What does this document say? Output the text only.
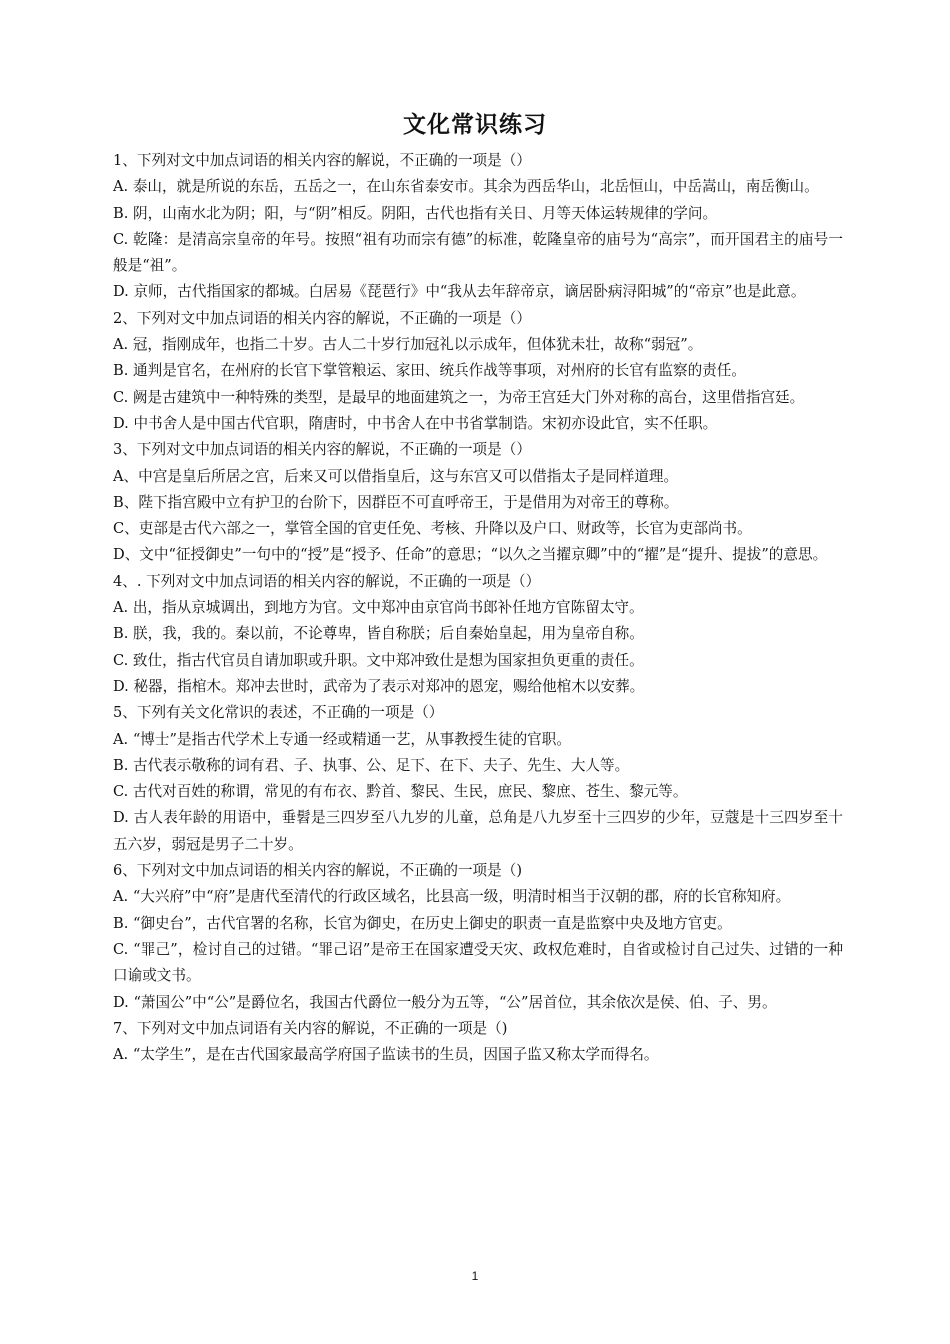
文化常识练习

1、下列对文中加点词语的相关内容的解说，不正确的一项是（）

A. 泰山，就是所说的东岳，五岳之一，在山东省泰安市。其余为西岳华山，北岳恒山，中岳嵩山，南岳衡山。

B. 阴，山南水北为阴；阳，与“阴”相反。阴阳，古代也指有关日、月等天体运转规律的学问。

C. 乾隆：是清高宗皇帝的年号。按照“祖有功而宗有德”的标准，乾隆皇帝的庙号为“高宗”，而开国君主的庙号一般是“祖”。

D. 京师，古代指国家的都城。白居易《琵琶行》中“我从去年辞帝京，谪居卧病浔阳城”的“帝京”也是此意。

2、下列对文中加点词语的相关内容的解说，不正确的一项是（）

A. 冠，指刚成年，也指二十岁。古人二十岁行加冠礼以示成年，但体犹未壮，故称“弱冠”。

B. 通判是官名，在州府的长官下掌管粮运、家田、统兵作战等事项，对州府的长官有监察的责任。

C. 阙是古建筑中一种特殊的类型，是最早的地面建筑之一，为帝王宫廷大门外对称的高台，这里借指宫廷。

D. 中书舍人是中国古代官职，隋唐时，中书舍人在中书省掌制诰。宋初亦设此官，实不任职。

3、下列对文中加点词语的相关内容的解说，不正确的一项是（）

A、中宫是皇后所居之宫，后来又可以借指皇后，这与东宫又可以借指太子是同样道理。

B、陛下指宫殿中立有护卫的台阶下，因群臣不可直呼帝王，于是借用为对帝王的尊称。

C、吏部是古代六部之一，掌管全国的官吏任免、考核、升降以及户口、财政等，长官为吏部尚书。

D、文中“征授御史”一句中的“授”是“授予、任命”的意思；“以久之当擢京卿”中的“擢”是“提升、提拔”的意思。

4、. 下列对文中加点词语的相关内容的解说，不正确的一项是（）

A. 出，指从京城调出，到地方为官。文中郑冲由京官尚书郎补任地方官陈留太守。

B. 朕，我，我的。秦以前，不论尊卑，皆自称朕；后自秦始皇起，用为皇帝自称。

C. 致仕，指古代官员自请加职或升职。文中郑冲致仕是想为国家担负更重的责任。

D. 秘器，指棺木。郑冲去世时，武帝为了表示对郑冲的恩宠，赐给他棺木以安葬。

5、下列有关文化常识的表述，不正确的一项是（）

A. “博士”是指古代学术上专通一经或精通一艺，从事教授生徒的官职。

B. 古代表示敬称的词有君、子、执事、公、足下、在下、夫子、先生、大人等。

C. 古代对百姓的称谓，常见的有布衣、黔首、黎民、生民，庶民、黎庶、苍生、黎元等。

D. 古人表年龄的用语中，垂髫是三四岁至八九岁的儿童，总角是八九岁至十三四岁的少年，豆蔻是十三四岁至十五六岁，弱冠是男子二十岁。

6、下列对文中加点词语的相关内容的解说，不正确的一项是（)

A. “大兴府”中“府”是唐代至清代的行政区域名，比县高一级，明清时相当于汉朝的郡，府的长官称知府。

B. “御史台”，古代官署的名称，长官为御史，在历史上御史的职责一直是监察中央及地方官吏。

C. “罪己”，检讨自己的过错。“罪己诏”是帝王在国家遭受天灾、政权危难时，自省或检讨自己过失、过错的一种口谕或文书。

D. “萧国公”中“公”是爵位名，我国古代爵位一般分为五等，“公”居首位，其余依次是侯、伯、子、男。

7、下列对文中加点词语有关内容的解说，不正确的一项是（)

A. “太学生”，是在古代国家最高学府国子监读书的生员，因国子监又称太学而得名。

1
